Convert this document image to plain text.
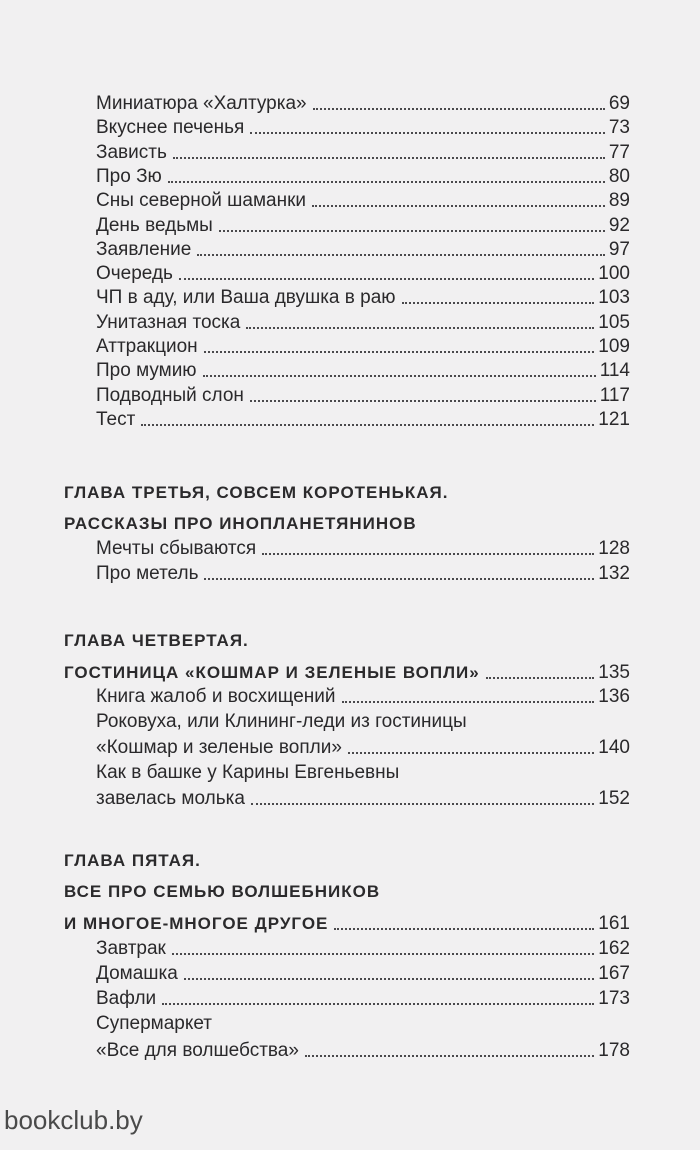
Миниатюра «Халтурка»	69
Вкуснее печенья	73
Зависть	77
Про Зю	80
Сны северной шаманки	89
День ведьмы	92
Заявление	97
Очередь	100
ЧП в аду, или Ваша двушка в раю	103
Унитазная тоска	105
Аттракцион	109
Про мумию	114
Подводный слон	117
Тест	121
ГЛАВА ТРЕТЬЯ, СОВСЕМ КОРОТЕНЬКАЯ.
РАССКАЗЫ ПРО ИНОПЛАНЕТЯНИНОВ
Мечты сбываются	128
Про метель	132
ГЛАВА ЧЕТВЕРТАЯ.
ГОСТИНИЦА «КОШМАР И ЗЕЛЕНЫЕ ВОПЛИ»	135
Книга жалоб и восхищений	136
Роковуха, или Клининг-леди из гостиницы
«Кошмар и зеленые вопли»	140
Как в башке у Карины Евгеньевны
завелась молька	152
ГЛАВА ПЯТАЯ.
ВСЕ ПРО СЕМЬЮ ВОЛШЕБНИКОВ
И МНОГОЕ-МНОГОЕ ДРУГОЕ	161
Завтрак	162
Домашка	167
Вафли	173
Супермаркет
«Все для волшебства»	178
bookclub.by
